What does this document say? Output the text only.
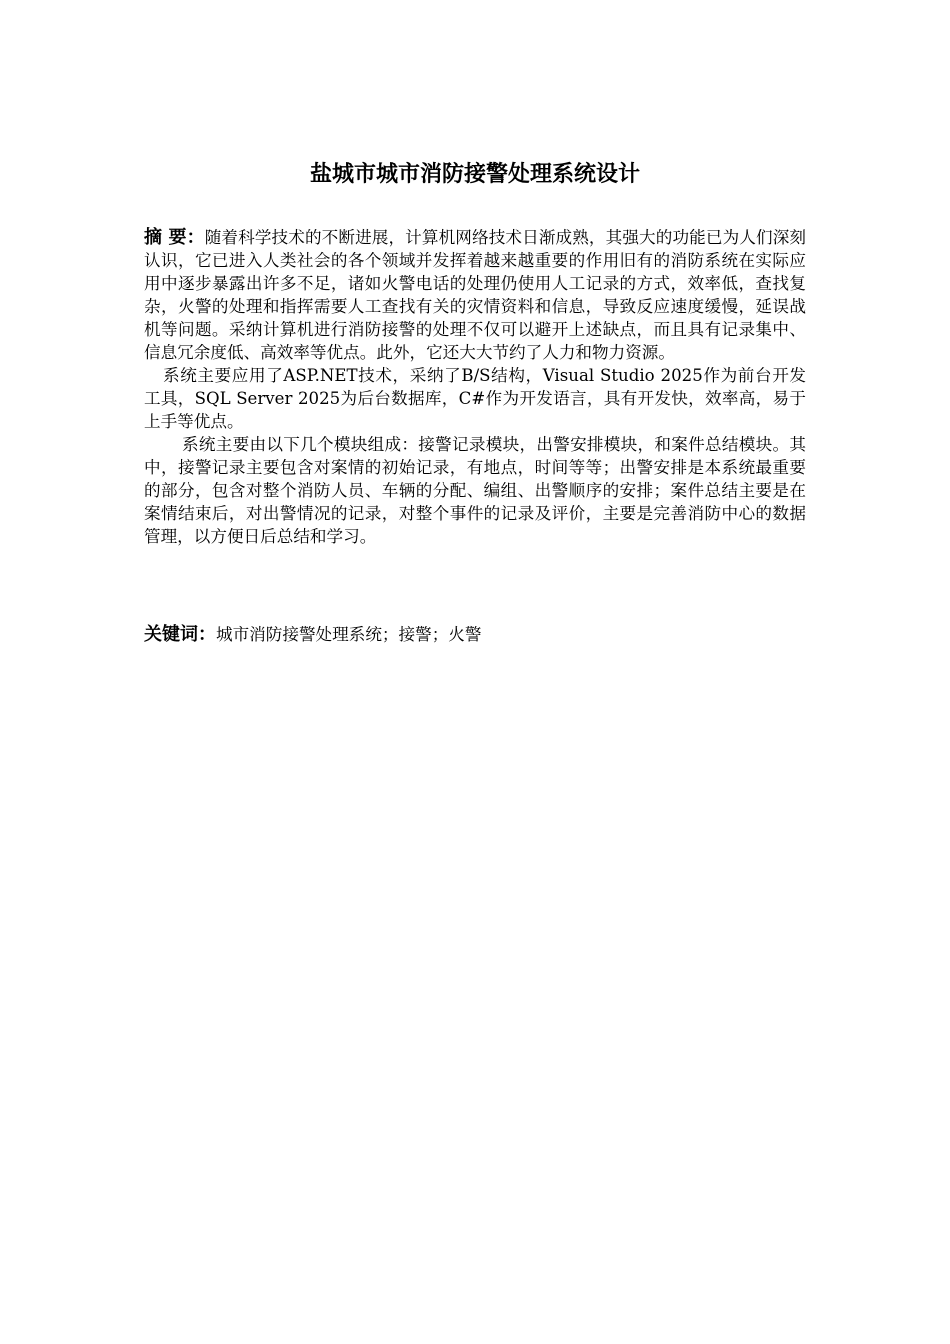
盐城市城市消防接警处理系统设计

摘 要：随着科学技术的不断进展，计算机网络技术日渐成熟，其强大的功能已为人们深刻认识，它已进入人类社会的各个领域并发挥着越来越重要的作用旧有的消防系统在实际应用中逐步暴露出许多不足，诸如火警电话的处理仍使用人工记录的方式，效率低，查找复杂，火警的处理和指挥需要人工查找有关的灾情资料和信息，导致反应速度缓慢，延误战机等问题。采纳计算机进行消防接警的处理不仅可以避开上述缺点，而且具有记录集中、信息冗余度低、高效率等优点。此外，它还大大节约了人力和物力资源。

系统主要应用了ASP.NET技术，采纳了B/S结构，Visual Studio 2025作为前台开发工具，SQL Server 2025为后台数据库，C#作为开发语言，具有开发快，效率高，易于上手等优点。

系统主要由以下几个模块组成：接警记录模块，出警安排模块，和案件总结模块。其中，接警记录主要包含对案情的初始记录，有地点，时间等等；出警安排是本系统最重要的部分，包含对整个消防人员、车辆的分配、编组、出警顺序的安排；案件总结主要是在案情结束后，对出警情况的记录，对整个事件的记录及评价，主要是完善消防中心的数据管理，以方便日后总结和学习。

关键词：城市消防接警处理系统；接警；火警
